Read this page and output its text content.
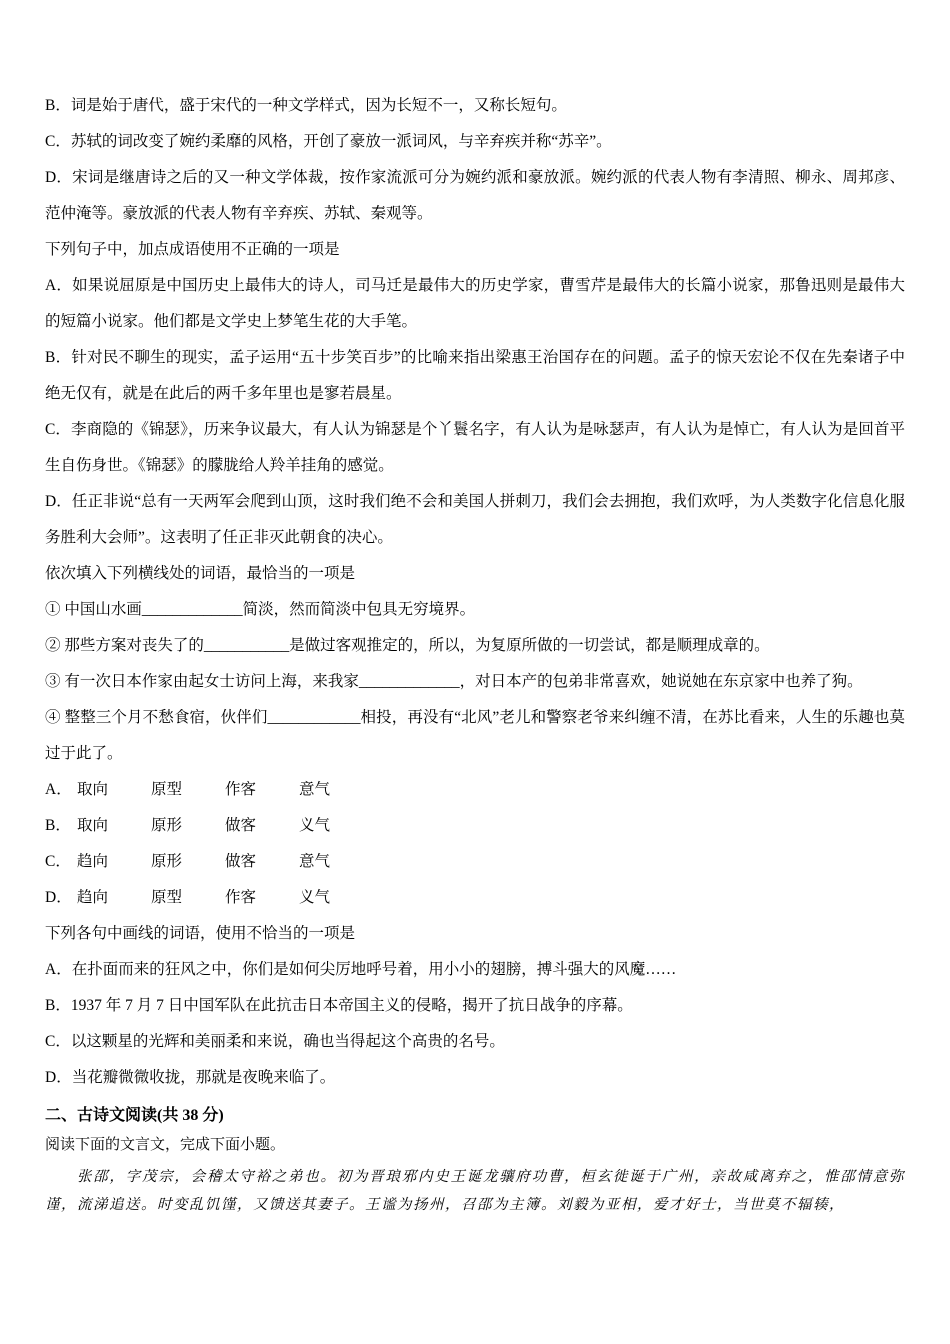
B．词是始于唐代，盛于宋代的一种文学样式，因为长短不一，又称长短句。

C．苏轼的词改变了婉约柔靡的风格，开创了豪放一派词风，与辛弃疾并称“苏辛”。

D．宋词是继唐诗之后的又一种文学体裁，按作家流派可分为婉约派和豪放派。婉约派的代表人物有李清照、柳永、周邦彦、范仲淹等。豪放派的代表人物有辛弃疾、苏轼、秦观等。

下列句子中，加点成语使用不正确的一项是

A．如果说屈原是中国历史上最伟大的诗人，司马迁是最伟大的历史学家，曹雪芹是最伟大的长篇小说家，那鲁迅则是最伟大的短篇小说家。他们都是文学史上梦笔生花的大手笔。

B．针对民不聊生的现实，孟子运用“五十步笑百步”的比喻来指出梁惠王治国存在的问题。孟子的惊天宏论不仅在先秦诸子中绝无仅有，就是在此后的两千多年里也是寥若晨星。

C．李商隐的《锦瑟》，历来争议最大，有人认为锦瑟是个丫鬟名字，有人认为是咏瑟声，有人认为是悼亡，有人认为是回首平生自伤身世。《锦瑟》的朦胧给人羚羊挂角的感觉。

D．任正非说“总有一天两军会爬到山顶，这时我们绝不会和美国人拼刺刀，我们会去拥抱，我们欢呼，为人类数字化信息化服务胜利大会师”。这表明了任正非灭此朝食的决心。

依次填入下列横线处的词语，最恰当的一项是

① 中国山水画_____________简淡，然而简淡中包具无穷境界。

② 那些方案对丧失了的___________是做过客观推定的，所以，为复原所做的一切尝试，都是顺理成章的。

③ 有一次日本作家由起女士访问上海，来我家_____________，对日本产的包弟非常喜欢，她说她在东京家中也养了狗。

④ 整整三个月不愁食宿，伙伴们____________相投，再没有“北风”老儿和警察老爷来纠缠不清，在苏比看来，人生的乐趣也莫过于此了。

A． 取向	原型	作客	意气

B． 取向	原形	做客	义气

C． 趋向	原形	做客	意气

D． 趋向	原型	作客	义气

下列各句中画线的词语，使用不恰当的一项是

A．在扑面而来的狂风之中，你们是如何尖厉地呼号着，用小小的翅膀，搏斗强大的风魔……

B．1937 年 7 月 7 日中国军队在此抗击日本帝国主义的侵略，揭开了抗日战争的序幕。

C．以这颗星的光辉和美丽柔和来说，确也当得起这个高贵的名号。

D．当花瓣微微收拢，那就是夜晚来临了。

二、古诗文阅读(共 38 分)

阅读下面的文言文，完成下面小题。

张邵，字茂宗，会稽太守裕之弟也。初为晋琅邪内史王诞龙骧府功曹，桓玄徙诞于广州，亲故咸离弃之，惟邵情意弥谨，流涕追送。时变乱饥馑，又馈送其妻子。王谧为扬州，召邵为主簿。刘毅为亚相，爱才好士，当世莫不辐辏，
